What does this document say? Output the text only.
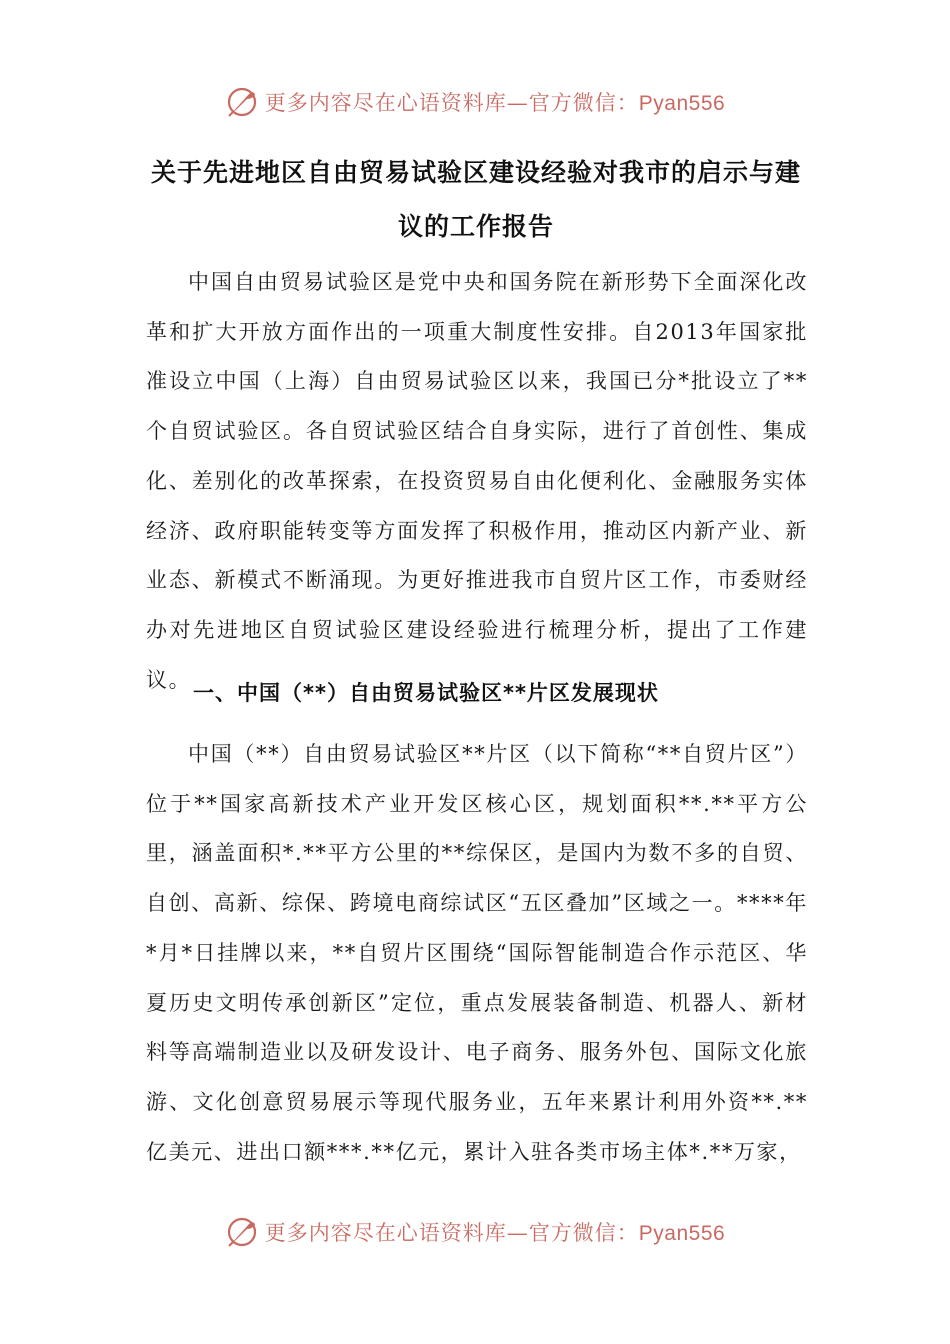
更多内容尽在心语资料库—官方微信：Pyan556
关于先进地区自由贸易试验区建设经验对我市的启示与建议的工作报告
中国自由贸易试验区是党中央和国务院在新形势下全面深化改革和扩大开放方面作出的一项重大制度性安排。自2013年国家批准设立中国（上海）自由贸易试验区以来，我国已分*批设立了**个自贸试验区。各自贸试验区结合自身实际，进行了首创性、集成化、差别化的改革探索，在投资贸易自由化便利化、金融服务实体经济、政府职能转变等方面发挥了积极作用，推动区内新产业、新业态、新模式不断涌现。为更好推进我市自贸片区工作，市委财经办对先进地区自贸试验区建设经验进行梳理分析，提出了工作建议。
一、中国（**）自由贸易试验区**片区发展现状
中国（**）自由贸易试验区**片区（以下简称“**自贸片区”）位于**国家高新技术产业开发区核心区，规划面积**.**平方公里，涵盖面积*.**平方公里的**综保区，是国内为数不多的自贸、自创、高新、综保、跨境电商综试区“五区叠加”区域之一。****年*月*日挂牌以来，**自贸片区围绕“国际智能制造合作示范区、华夏历史文明传承创新区”定位，重点发展装备制造、机器人、新材料等高端制造业以及研发设计、电子商务、服务外包、国际文化旅游、文化创意贸易展示等现代服务业，五年来累计利用外资**.**亿美元、进出口额***.**亿元，累计入驻各类市场主体*.**万家，
更多内容尽在心语资料库—官方微信：Pyan556
